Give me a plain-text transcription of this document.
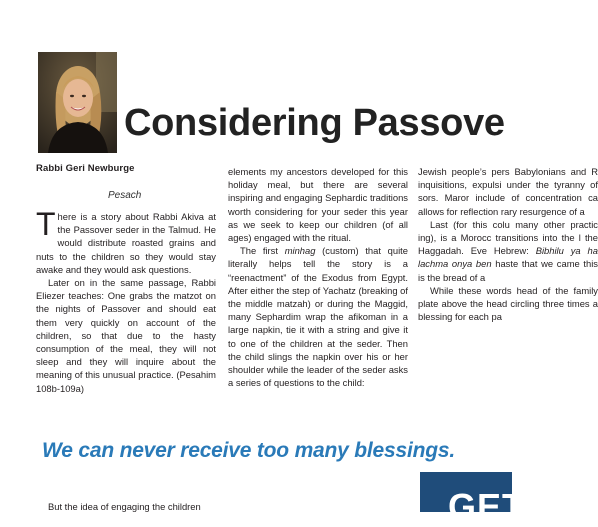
Considering Passove
Rabbi Geri Newburge
Pesach

There is a story about Rabbi Akiva at the Passover seder in the Talmud. He would distribute roasted grains and nuts to the children so they would stay awake and they would ask questions.

Later on in the same passage, Rabbi Eliezer teaches: One grabs the matzot on the nights of Passover and should eat them very quickly on account of the children, so that due to the hasty consumption of the meal, they will not sleep and they will inquire about the meaning of this unusual practice. (Pesahim 108b-109a)

elements my ancestors developed for this holiday meal, but there are several inspiring and engaging Sephardic traditions worth considering for your seder this year as we seek to keep our children (of all ages) engaged with the ritual.

The first minhag (custom) that quite literally helps tell the story is a “reenactment” of the Exodus from Egypt. After either the step of Yachatz (breaking of the middle matzah) or during the Maggid, many Sephardim wrap the afikoman in a large napkin, tie it with a string and give it to one of the children at the seder. Then the child slings the napkin over his or her shoulder while the leader of the seder asks a series of questions to the child:

Jewish people’s pers Babylonians and R inquisitions, expulsi under the tyranny of sors. Maror include of concentration ca allows for reflection rary resurgence of a

Last (for this colu many other practic ing), is a Morocc transitions into the l the Haggadah. Eve Hebrew: Bibhilu ya ha lachma onya ben haste that we came this is the bread of a

While these words head of the family plate above the head circling three times a blessing for each pa

We can never receive too many blessings.
But the idea of engaging the children	GET
